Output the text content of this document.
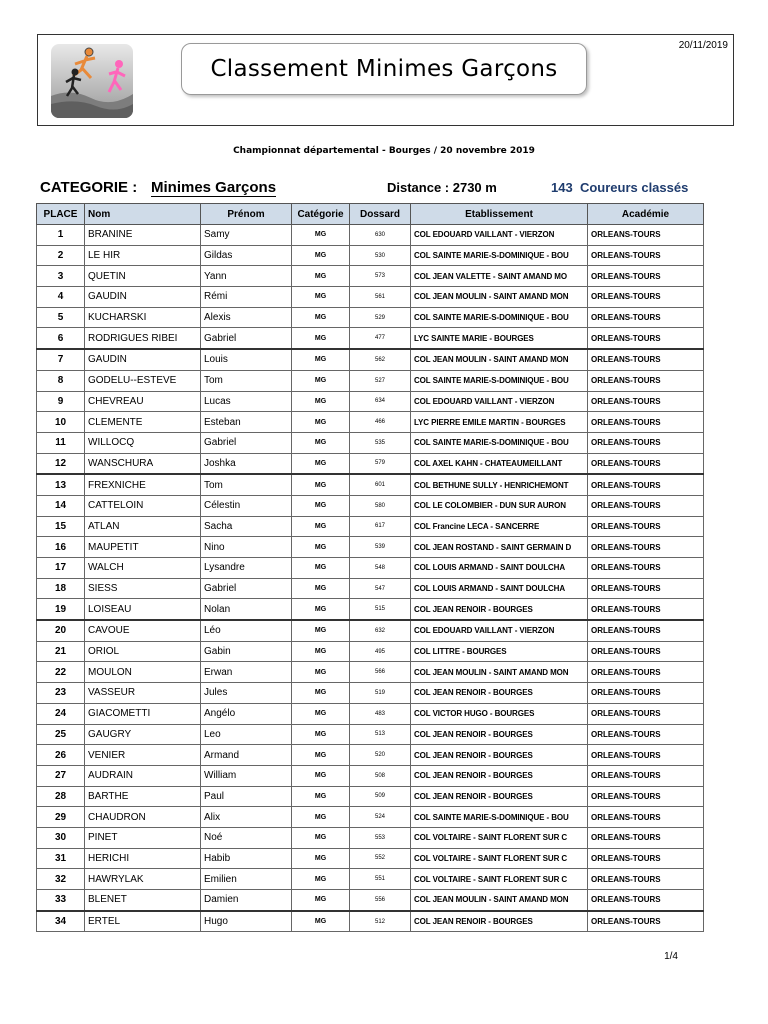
Classement Minimes Garçons
20/11/2019
Championnat départemental - Bourges / 20 novembre 2019
CATEGORIE : Minimes Garçons	Distance : 2730 m	143 Coureurs classés
PLACE	Nom	Prénom	Catégorie	Dossard	Etablissement	Académie
1	BRANINE	Samy	MG	630	COL EDOUARD VAILLANT - VIERZON	ORLEANS-TOURS
2	LE HIR	Gildas	MG	530	COL SAINTE MARIE-S-DOMINIQUE - BOU	ORLEANS-TOURS
3	QUETIN	Yann	MG	573	COL JEAN VALETTE - SAINT AMAND MO	ORLEANS-TOURS
4	GAUDIN	Rémi	MG	561	COL JEAN MOULIN - SAINT AMAND MON	ORLEANS-TOURS
5	KUCHARSKI	Alexis	MG	529	COL SAINTE MARIE-S-DOMINIQUE - BOU	ORLEANS-TOURS
6	RODRIGUES RIBEI	Gabriel	MG	477	LYC SAINTE MARIE - BOURGES	ORLEANS-TOURS
7	GAUDIN	Louis	MG	562	COL JEAN MOULIN - SAINT AMAND MON	ORLEANS-TOURS
8	GODELU--ESTEVE	Tom	MG	527	COL SAINTE MARIE-S-DOMINIQUE - BOU	ORLEANS-TOURS
9	CHEVREAU	Lucas	MG	634	COL EDOUARD VAILLANT - VIERZON	ORLEANS-TOURS
10	CLEMENTE	Esteban	MG	466	LYC PIERRE EMILE MARTIN - BOURGES	ORLEANS-TOURS
11	WILLOCQ	Gabriel	MG	535	COL SAINTE MARIE-S-DOMINIQUE - BOU	ORLEANS-TOURS
12	WANSCHURA	Joshka	MG	579	COL AXEL KAHN - CHATEAUMEILLANT	ORLEANS-TOURS
13	FREXNICHE	Tom	MG	601	COL BETHUNE SULLY - HENRICHEMONT	ORLEANS-TOURS
14	CATTELOIN	Célestin	MG	580	COL LE COLOMBIER - DUN SUR AURON	ORLEANS-TOURS
15	ATLAN	Sacha	MG	617	COL Francine LECA - SANCERRE	ORLEANS-TOURS
16	MAUPETIT	Nino	MG	539	COL JEAN ROSTAND - SAINT GERMAIN D	ORLEANS-TOURS
17	WALCH	Lysandre	MG	548	COL LOUIS ARMAND - SAINT DOULCHA	ORLEANS-TOURS
18	SIESS	Gabriel	MG	547	COL LOUIS ARMAND - SAINT DOULCHA	ORLEANS-TOURS
19	LOISEAU	Nolan	MG	515	COL JEAN RENOIR - BOURGES	ORLEANS-TOURS
20	CAVOUE	Léo	MG	632	COL EDOUARD VAILLANT - VIERZON	ORLEANS-TOURS
21	ORIOL	Gabin	MG	495	COL LITTRE - BOURGES	ORLEANS-TOURS
22	MOULON	Erwan	MG	566	COL JEAN MOULIN - SAINT AMAND MON	ORLEANS-TOURS
23	VASSEUR	Jules	MG	519	COL JEAN RENOIR - BOURGES	ORLEANS-TOURS
24	GIACOMETTI	Angélo	MG	483	COL VICTOR HUGO - BOURGES	ORLEANS-TOURS
25	GAUGRY	Leo	MG	513	COL JEAN RENOIR - BOURGES	ORLEANS-TOURS
26	VENIER	Armand	MG	520	COL JEAN RENOIR - BOURGES	ORLEANS-TOURS
27	AUDRAIN	William	MG	508	COL JEAN RENOIR - BOURGES	ORLEANS-TOURS
28	BARTHE	Paul	MG	509	COL JEAN RENOIR - BOURGES	ORLEANS-TOURS
29	CHAUDRON	Alix	MG	524	COL SAINTE MARIE-S-DOMINIQUE - BOU	ORLEANS-TOURS
30	PINET	Noé	MG	553	COL VOLTAIRE - SAINT FLORENT SUR C	ORLEANS-TOURS
31	HERICHI	Habib	MG	552	COL VOLTAIRE - SAINT FLORENT SUR C	ORLEANS-TOURS
32	HAWRYLAK	Emilien	MG	551	COL VOLTAIRE - SAINT FLORENT SUR C	ORLEANS-TOURS
33	BLENET	Damien	MG	556	COL JEAN MOULIN - SAINT AMAND MON	ORLEANS-TOURS
34	ERTEL	Hugo	MG	512	COL JEAN RENOIR - BOURGES	ORLEANS-TOURS
1/4
